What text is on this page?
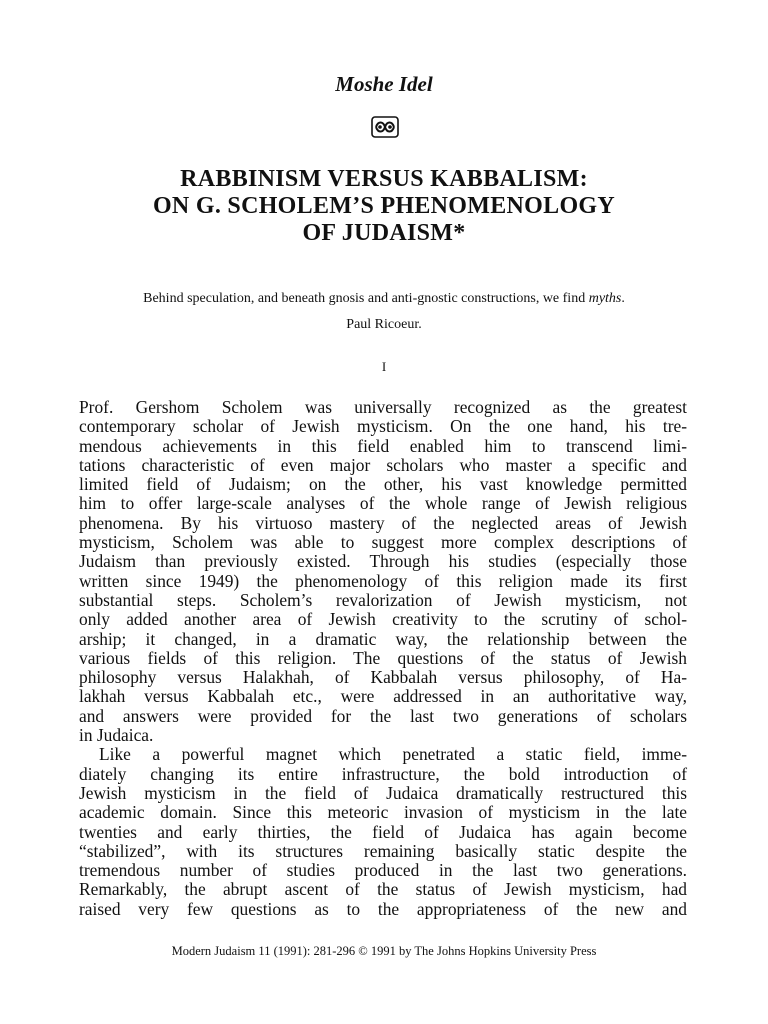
Moshe Idel
RABBINISM VERSUS KABBALISM:
ON G. SCHOLEM’S PHENOMENOLOGY
OF JUDAISM*
Behind speculation, and beneath gnosis and anti-gnostic constructions, we find myths.
Paul Ricoeur.
I
Prof. Gershom Scholem was universally recognized as the greatest
contemporary scholar of Jewish mysticism. On the one hand, his tre-
mendous achievements in this field enabled him to transcend limi-
tations characteristic of even major scholars who master a specific and
limited field of Judaism; on the other, his vast knowledge permitted
him to offer large-scale analyses of the whole range of Jewish religious
phenomena. By his virtuoso mastery of the neglected areas of Jewish
mysticism, Scholem was able to suggest more complex descriptions of
Judaism than previously existed. Through his studies (especially those
written since 1949) the phenomenology of this religion made its first
substantial steps. Scholem’s revalorization of Jewish mysticism, not
only added another area of Jewish creativity to the scrutiny of schol-
arship; it changed, in a dramatic way, the relationship between the
various fields of this religion. The questions of the status of Jewish
philosophy versus Halakhah, of Kabbalah versus philosophy, of Ha-
lakhah versus Kabbalah etc., were addressed in an authoritative way,
and answers were provided for the last two generations of scholars
in Judaica.
Like a powerful magnet which penetrated a static field, imme-
diately changing its entire infrastructure, the bold introduction of
Jewish mysticism in the field of Judaica dramatically restructured this
academic domain. Since this meteoric invasion of mysticism in the late
twenties and early thirties, the field of Judaica has again become
“stabilized”, with its structures remaining basically static despite the
tremendous number of studies produced in the last two generations.
Remarkably, the abrupt ascent of the status of Jewish mysticism, had
raised very few questions as to the appropriateness of the new and
Modern Judaism 11 (1991): 281-296 © 1991 by The Johns Hopkins University Press
